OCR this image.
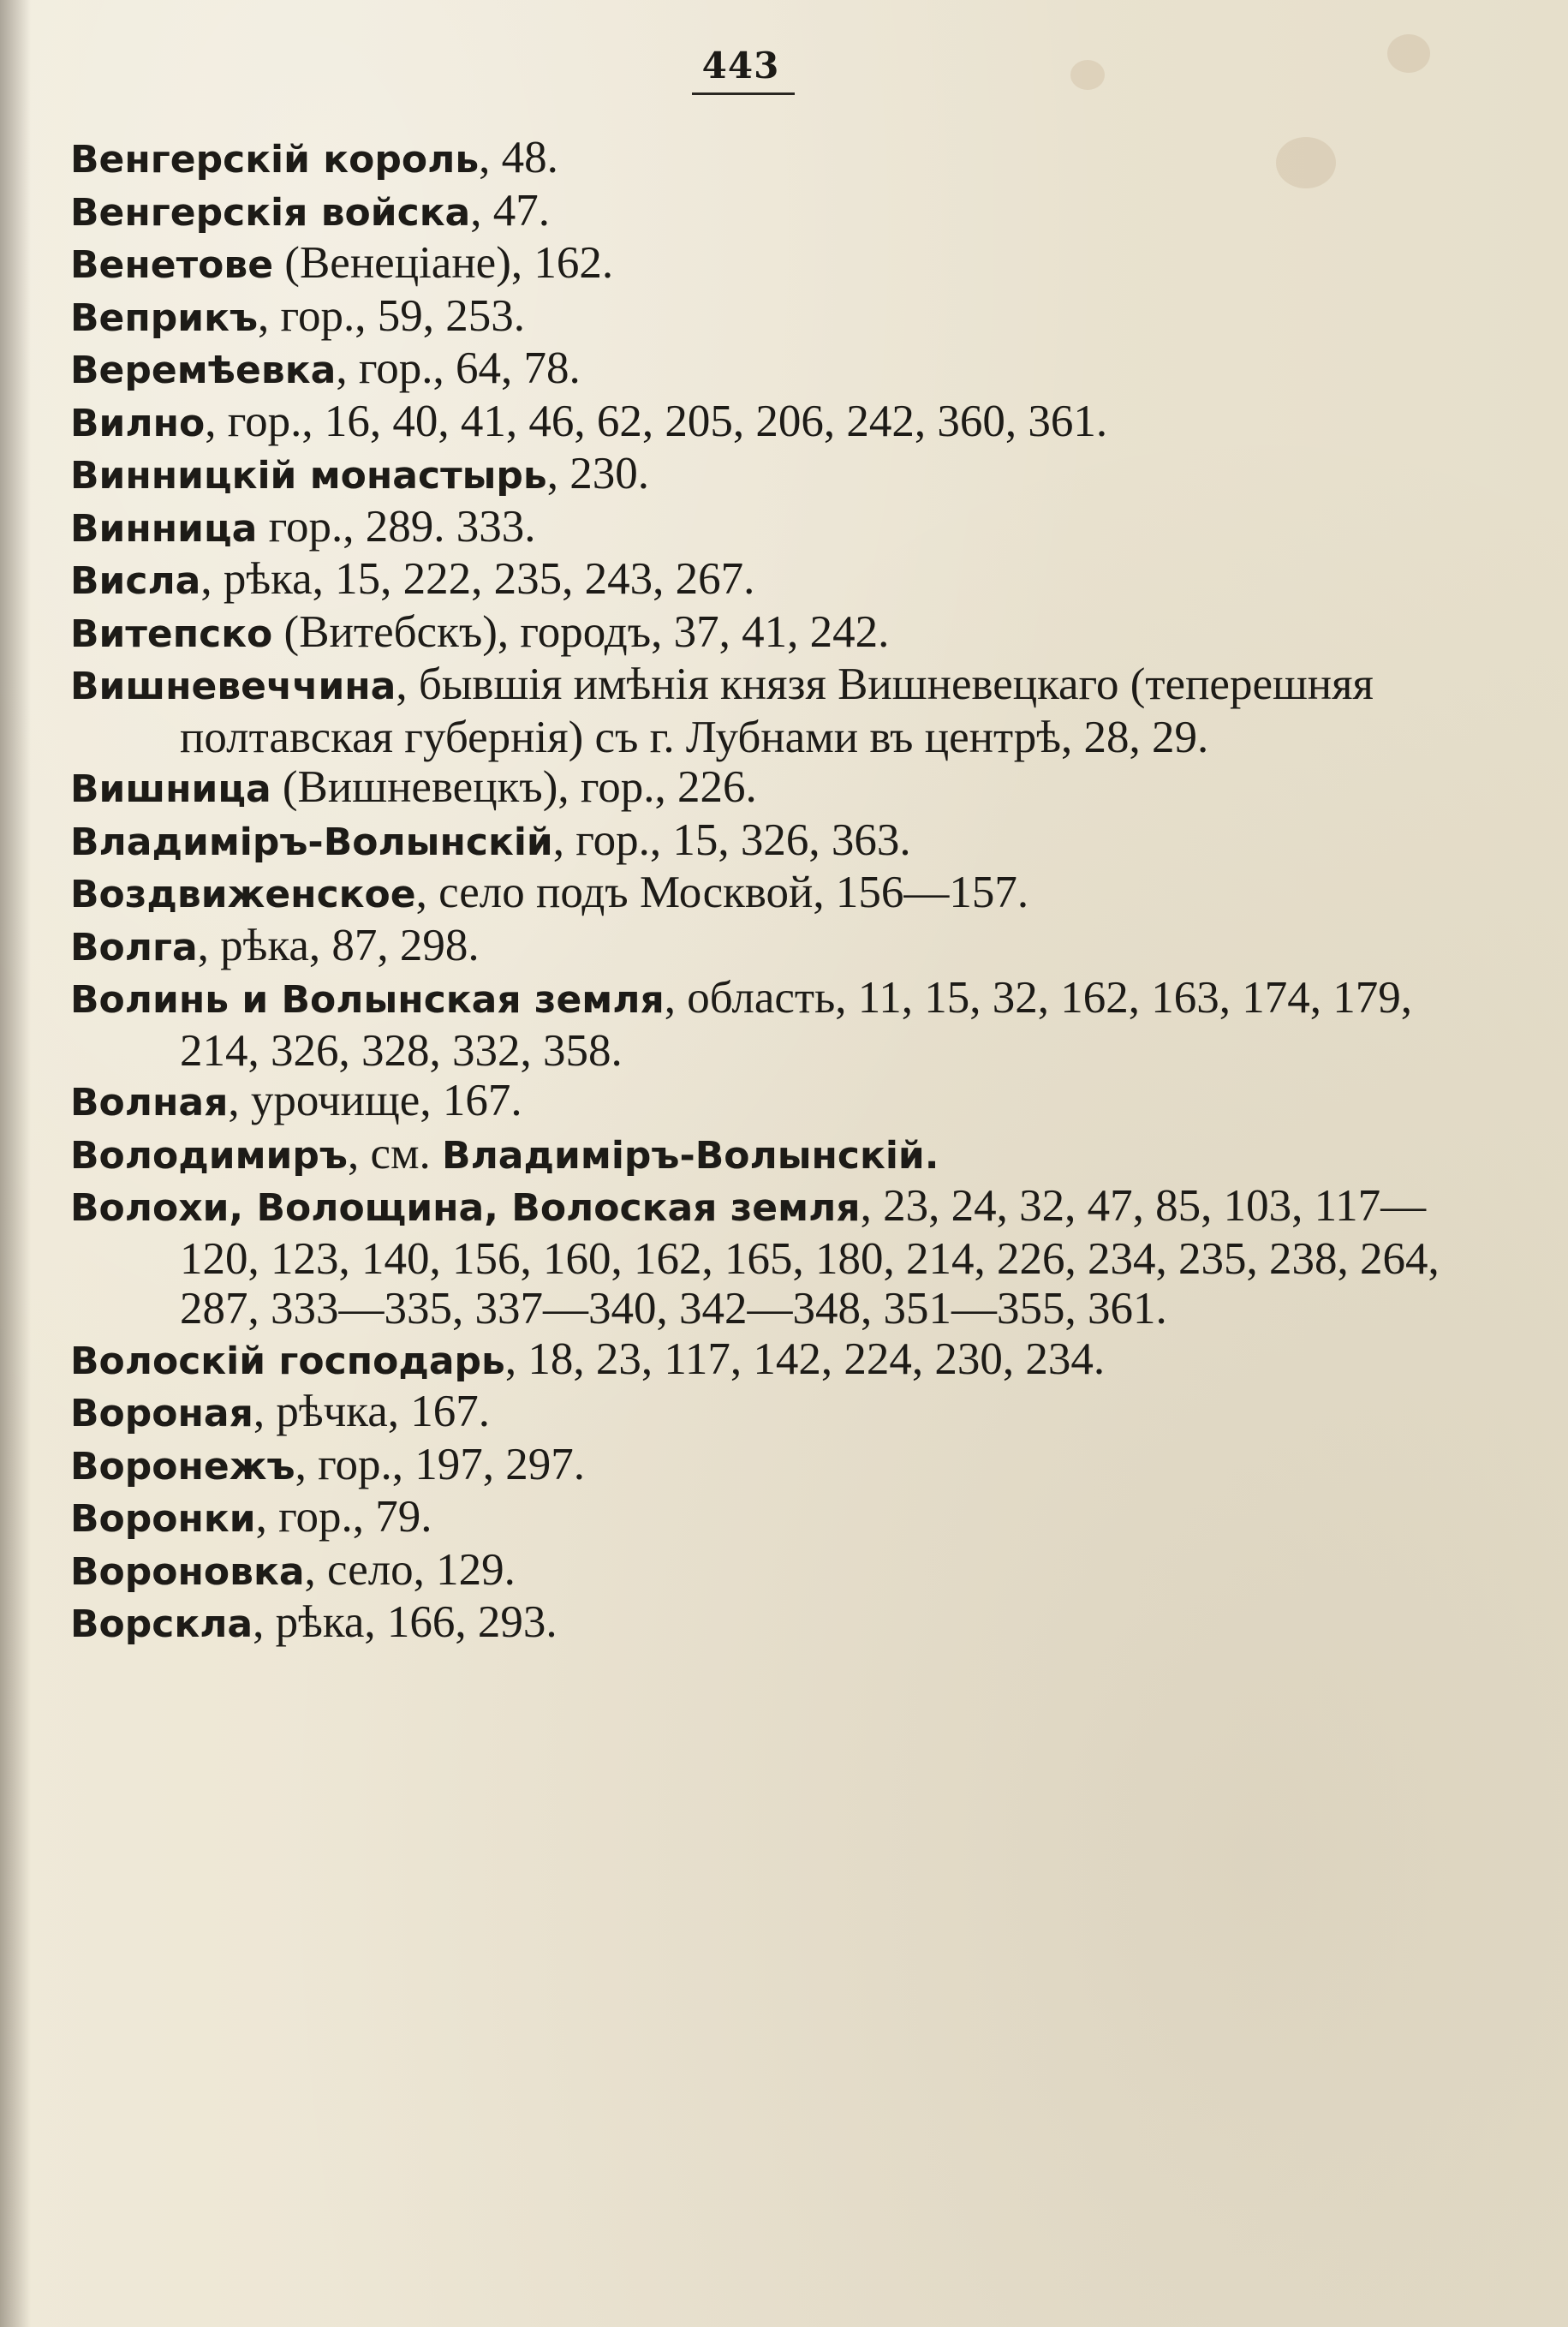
443
Венгерскій король, 48.
Венгерскія войска, 47.
Венетове (Венеціане), 162.
Веприкъ, гор., 59, 253.
Веремѣевка, гор., 64, 78.
Вилно, гор., 16, 40, 41, 46, 62, 205, 206, 242, 360, 361.
Винницкій монастырь, 230.
Винница гор., 289. 333.
Висла, рѣка, 15, 222, 235, 243, 267.
Витепско (Витебскъ), городъ, 37, 41, 242.
Вишневеччина, бывшія имѣнія князя Вишневецкаго (теперешняя полтавская губернія) съ г. Лубнами въ центрѣ, 28, 29.
Вишница (Вишневецкъ), гор., 226.
Владиміръ-Волынскій, гор., 15, 326, 363.
Воздвиженское, село подъ Москвой, 156—157.
Волга, рѣка, 87, 298.
Волинь и Волынская земля, область, 11, 15, 32, 162, 163, 174, 179, 214, 326, 328, 332, 358.
Волная, урочище, 167.
Володимиръ, см. Владиміръ-Волынскій.
Волохи, Волощина, Волоская земля, 23, 24, 32, 47, 85, 103, 117—120, 123, 140, 156, 160, 162, 165, 180, 214, 226, 234, 235, 238, 264, 287, 333—335, 337—340, 342—348, 351—355, 361.
Волоскій господарь, 18, 23, 117, 142, 224, 230, 234.
Вороная, рѣчка, 167.
Воронежъ, гор., 197, 297.
Воронки, гор., 79.
Вороновка, село, 129.
Ворскла, рѣка, 166, 293.
